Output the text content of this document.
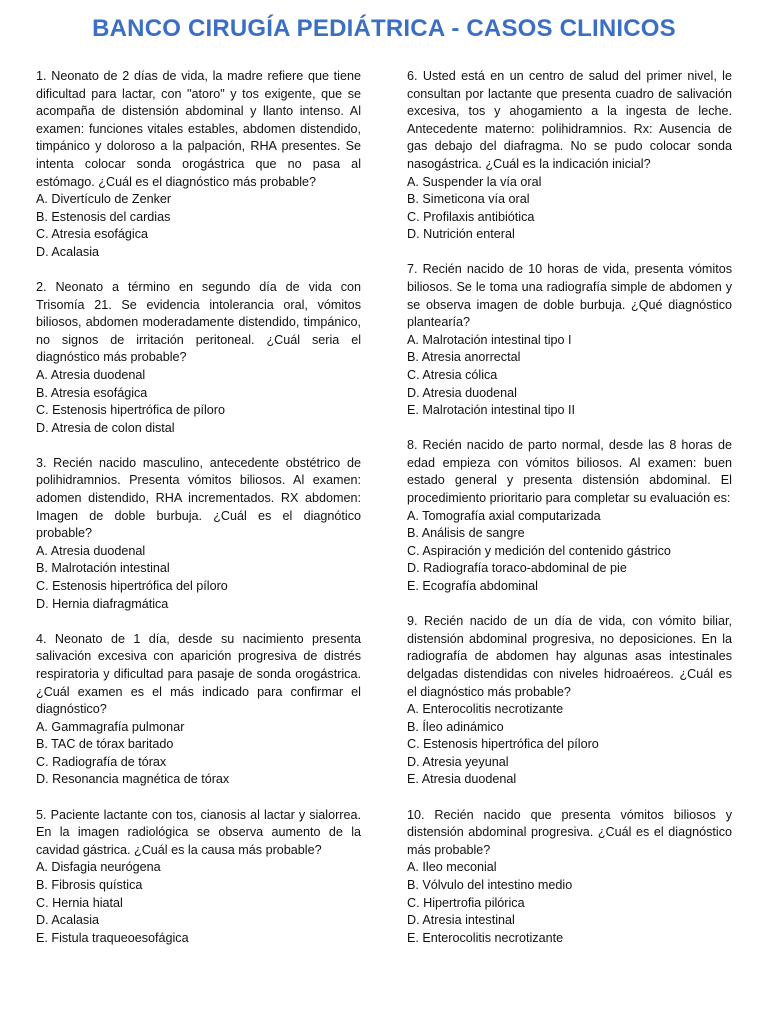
BANCO CIRUGÍA PEDIÁTRICA - CASOS CLINICOS

1. Neonato de 2 días de vida, la madre refiere que tiene dificultad para lactar, con "atoro" y tos exigente, que se acompaña de distensión abdominal y llanto intenso. Al examen: funciones vitales estables, abdomen distendido, timpánico y doloroso a la palpación, RHA presentes. Se intenta colocar sonda orogástrica que no pasa al estómago. ¿Cuál es el diagnóstico más probable?

A. Divertículo de Zenker

B. Estenosis del cardias

C. Atresia esofágica

D. Acalasia

2. Neonato a término en segundo día de vida con Trisomía 21. Se evidencia intolerancia oral, vómitos biliosos, abdomen moderadamente distendido, timpánico, no signos de irritación peritoneal. ¿Cuál seria el diagnóstico más probable?

A. Atresia duodenal

B. Atresia esofágica

C. Estenosis hipertrófica de píloro

D. Atresia de colon distal

3. Recién nacido masculino, antecedente obstétrico de polihidramnios. Presenta vómitos biliosos. Al examen: adomen distendido, RHA incrementados. RX abdomen: Imagen de doble burbuja. ¿Cuál es el diagnótico probable?

A. Atresia duodenal

B. Malrotación intestinal

C. Estenosis hipertrófica del píloro

D. Hernia diafragmática

4. Neonato de 1 día, desde su nacimiento presenta salivación excesiva con aparición progresiva de distrés respiratoria y dificultad para pasaje de sonda orogástrica. ¿Cuál examen es el más indicado para confirmar el diagnóstico?

A. Gammagrafía pulmonar

B. TAC de tórax baritado

C. Radiografía de tórax

D. Resonancia magnética de tórax

5. Paciente lactante con tos, cianosis al lactar y sialorrea. En la imagen radiológica se observa aumento de la cavidad gástrica. ¿Cuál es la causa más probable?

A. Disfagia neurógena

B. Fibrosis quística

C. Hernia hiatal

D. Acalasia

E. Fistula traqueoesofágica

6. Usted está en un centro de salud del primer nivel, le consultan por lactante que presenta cuadro de salivación excesiva, tos y ahogamiento a la ingesta de leche. Antecedente materno: polihidramnios. Rx: Ausencia de gas debajo del diafragma. No se pudo colocar sonda nasogástrica. ¿Cuál es la indicación inicial?

A. Suspender la vía oral

B. Simeticona vía oral

C. Profilaxis antibiótica

D. Nutrición enteral

7. Recién nacido de 10 horas de vida, presenta vómitos biliosos. Se le toma una radiografía simple de abdomen y se observa imagen de doble burbuja. ¿Qué diagnóstico plantearía?

A. Malrotación intestinal tipo I

B. Atresia anorrectal

C. Atresia cólica

D. Atresia duodenal

E. Malrotación intestinal tipo II

8. Recién nacido de parto normal, desde las 8 horas de edad empieza con vómitos biliosos. Al examen: buen estado general y presenta distensión abdominal. El procedimiento prioritario para completar su evaluación es:

A. Tomografía axial computarizada

B. Análisis de sangre

C. Aspiración y medición del contenido gástrico

D. Radiografía toraco-abdominal de pie

E. Ecografía abdominal

9. Recién nacido de un día de vida, con vómito biliar, distensión abdominal progresiva, no deposiciones. En la radiografía de abdomen hay algunas asas intestinales delgadas distendidas con niveles hidroaéreos. ¿Cuál es el diagnóstico más probable?

A. Enterocolitis necrotizante

B. Íleo adinámico

C. Estenosis hipertrófica del píloro

D. Atresia yeyunal

E. Atresia duodenal

10. Recién nacido que presenta vómitos biliosos y distensión abdominal progresiva. ¿Cuál es el diagnóstico más probable?

A. Ileo meconial

B. Vólvulo del intestino medio

C. Hipertrofia pilórica

D. Atresia intestinal

E. Enterocolitis necrotizante
